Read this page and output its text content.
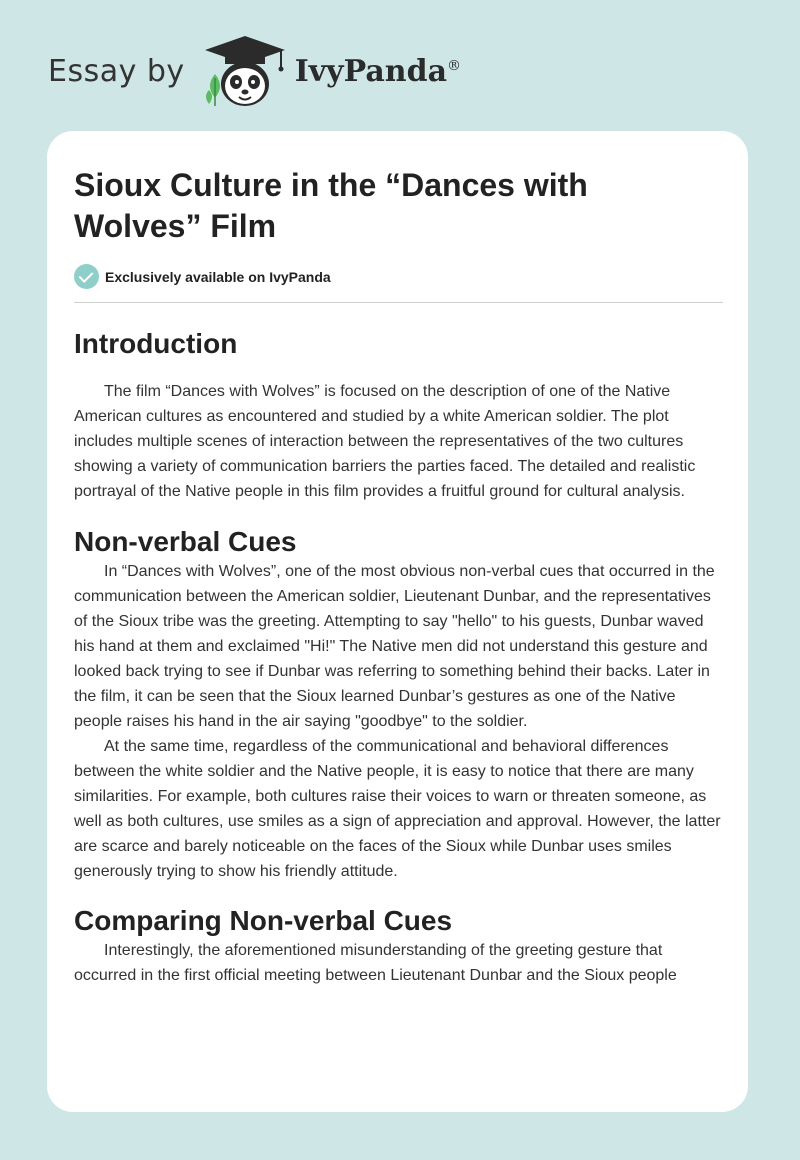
Essay by	IvyPanda®
Sioux Culture in the “Dances with Wolves” Film
Exclusively available on IvyPanda
Introduction

The film “Dances with Wolves” is focused on the description of one of the Native American cultures as encountered and studied by a white American soldier. The plot includes multiple scenes of interaction between the representatives of the two cultures showing a variety of communication barriers the parties faced. The detailed and realistic portrayal of the Native people in this film provides a fruitful ground for cultural analysis.

Non-verbal Cues

In “Dances with Wolves”, one of the most obvious non-verbal cues that occurred in the communication between the American soldier, Lieutenant Dunbar, and the representatives of the Sioux tribe was the greeting. Attempting to say "hello" to his guests, Dunbar waved his hand at them and exclaimed "Hi!" The Native men did not understand this gesture and looked back trying to see if Dunbar was referring to something behind their backs. Later in the film, it can be seen that the Sioux learned Dunbar’s gestures as one of the Native people raises his hand in the air saying "goodbye" to the soldier.

At the same time, regardless of the communicational and behavioral differences between the white soldier and the Native people, it is easy to notice that there are many similarities. For example, both cultures raise their voices to warn or threaten someone, as well as both cultures, use smiles as a sign of appreciation and approval. However, the latter are scarce and barely noticeable on the faces of the Sioux while Dunbar uses smiles generously trying to show his friendly attitude.

Comparing Non-verbal Cues

Interestingly, the aforementioned misunderstanding of the greeting gesture that occurred in the first official meeting between Lieutenant Dunbar and the Sioux people
